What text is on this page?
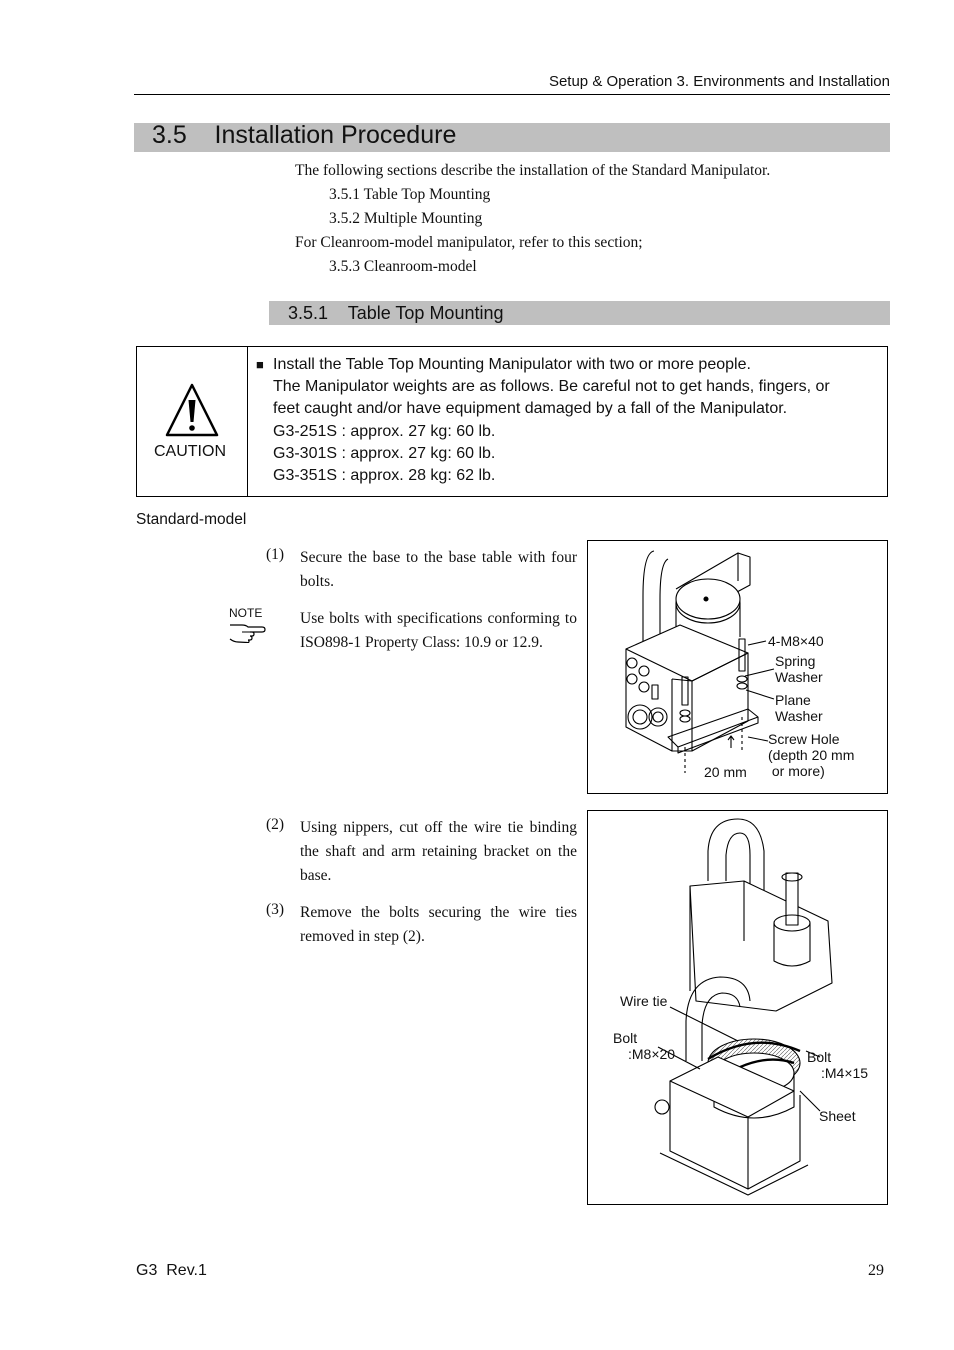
Setup & Operation 3. Environments and Installation
3.5    Installation Procedure
The following sections describe the installation of the Standard Manipulator.
3.5.1 Table Top Mounting
3.5.2 Multiple Mounting
For Cleanroom-model manipulator, refer to this section;
3.5.3 Cleanroom-model
3.5.1    Table Top Mounting
CAUTION
■ Install the Table Top Mounting Manipulator with two or more people.
The Manipulator weights are as follows. Be careful not to get hands, fingers, or
feet caught and/or have equipment damaged by a fall of the Manipulator.
G3-251S : approx. 27 kg: 60 lb.
G3-301S : approx. 27 kg: 60 lb.
G3-351S : approx. 28 kg: 62 lb.
Standard-model
(1) Secure the base to the base table with four bolts.
NOTE Use bolts with specifications conforming to ISO898-1 Property Class: 10.9 or 12.9.	4-M8×40
Spring
Washer
Plane
Washer
Screw Hole
(depth 20 mm
or more)
20 mm
(2) Using nippers, cut off the wire tie binding the shaft and arm retaining bracket on the base.
(3) Remove the bolts securing the wire ties removed in step (2).
Wire tie
Bolt
:M8×20	Bolt
:M4×15
Sheet
G3  Rev.1	29
